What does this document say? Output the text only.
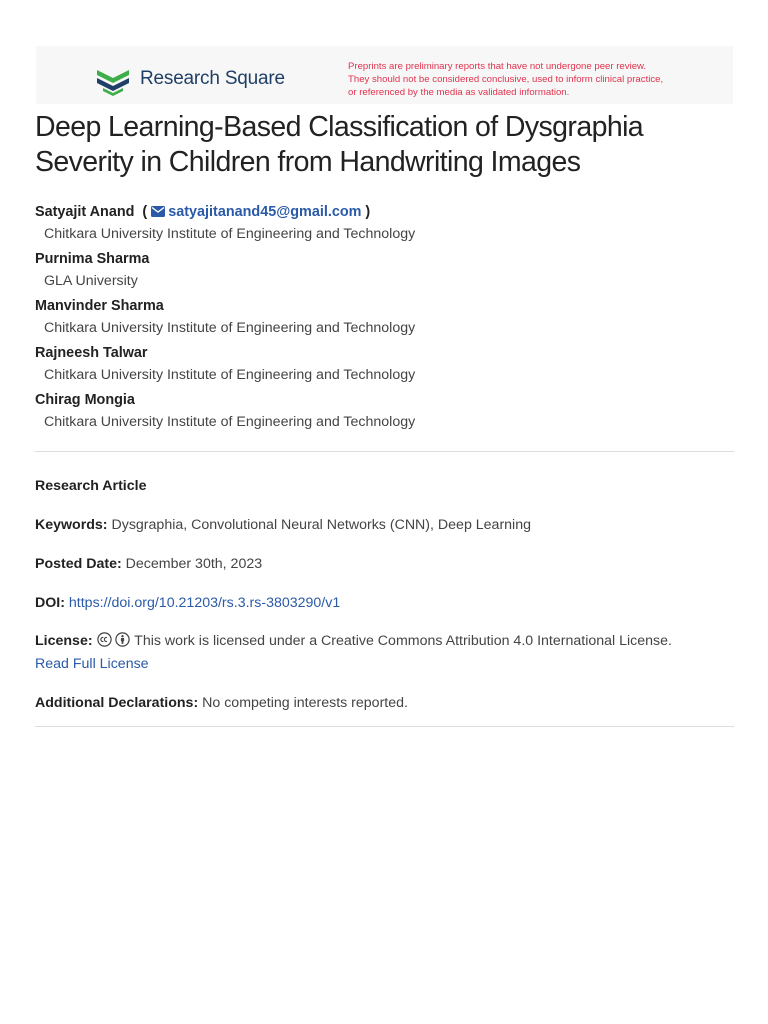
Research Square
Preprints are preliminary reports that have not undergone peer review.
They should not be considered conclusive, used to inform clinical practice,
or referenced by the media as validated information.
Deep Learning-Based Classification of Dysgraphia Severity in Children from Handwriting Images
Satyajit Anand  ( satyajitanand45@gmail.com )
Chitkara University Institute of Engineering and Technology
Purnima Sharma
GLA University
Manvinder Sharma
Chitkara University Institute of Engineering and Technology
Rajneesh Talwar
Chitkara University Institute of Engineering and Technology
Chirag Mongia
Chitkara University Institute of Engineering and Technology
Research Article
Keywords: Dysgraphia, Convolutional Neural Networks (CNN), Deep Learning
Posted Date: December 30th, 2023
DOI: https://doi.org/10.21203/rs.3.rs-3803290/v1
License:	This work is licensed under a Creative Commons Attribution 4.0 International License.
Read Full License
Additional Declarations: No competing interests reported.
